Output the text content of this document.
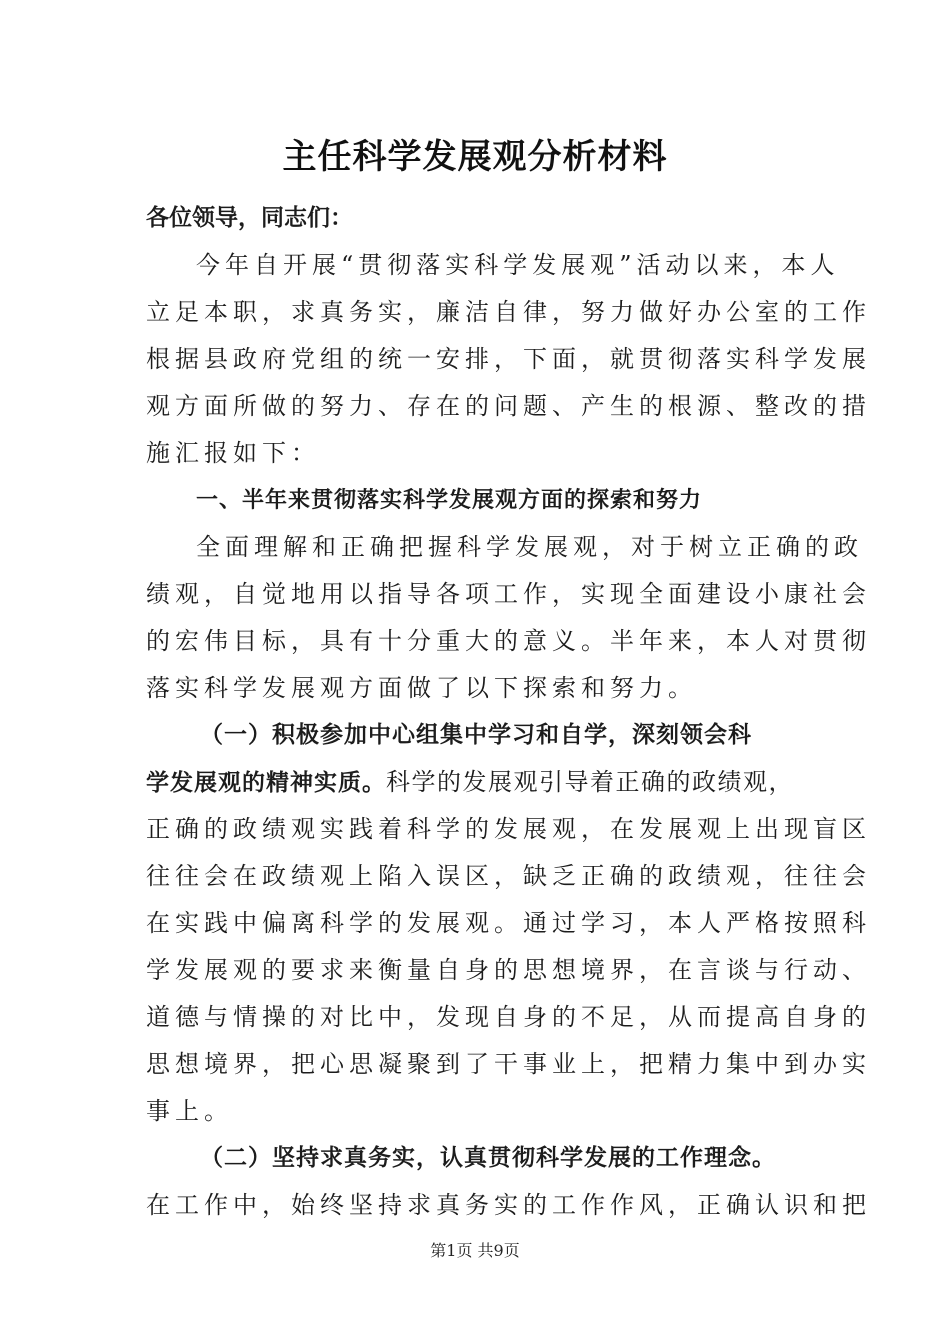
主任科学发展观分析材料
各位领导，同志们：
今年自开展“贯彻落实科学发展观”活动以来，本人
立足本职，求真务实，廉洁自律，努力做好办公室的工作
根据县政府党组的统一安排，下面，就贯彻落实科学发展
观方面所做的努力、存在的问题、产生的根源、整改的措
施汇报如下：
一、半年来贯彻落实科学发展观方面的探索和努力
全面理解和正确把握科学发展观，对于树立正确的政
绩观，自觉地用以指导各项工作，实现全面建设小康社会
的宏伟目标，具有十分重大的意义。半年来，本人对贯彻
落实科学发展观方面做了以下探索和努力。
（一）积极参加中心组集中学习和自学，深刻领会科
学发展观的精神实质。科学的发展观引导着正确的政绩观，
正确的政绩观实践着科学的发展观，在发展观上出现盲区
往往会在政绩观上陷入误区，缺乏正确的政绩观，往往会
在实践中偏离科学的发展观。通过学习，本人严格按照科
学发展观的要求来衡量自身的思想境界，在言谈与行动、
道德与情操的对比中，发现自身的不足，从而提高自身的
思想境界，把心思凝聚到了干事业上，把精力集中到办实
事上。
（二）坚持求真务实，认真贯彻科学发展的工作理念。
在工作中，始终坚持求真务实的工作作风，正确认识和把
第1页 共9页
